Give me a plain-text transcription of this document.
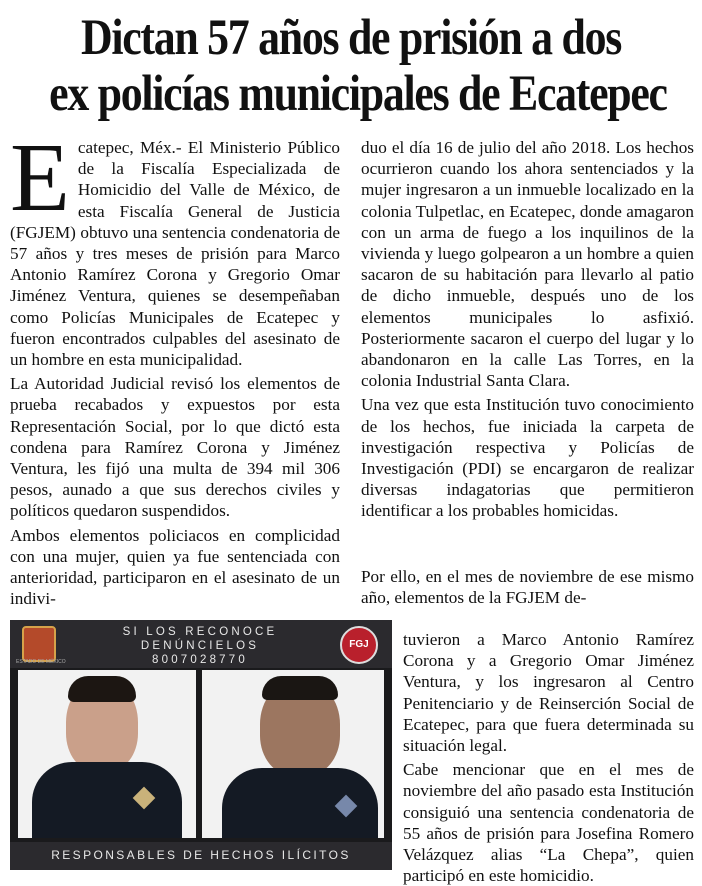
Dictan 57 años de prisión a dos
ex policías municipales de Ecatepec

Ecatepec, Méx.- El Ministerio Público de la Fiscalía Especializada de Homicidio del Valle de México, de esta Fiscalía General de Justicia (FGJEM) obtuvo una sentencia condenatoria de 57 años y tres meses de prisión para Marco Antonio Ramírez Corona y Gregorio Omar Jiménez Ventura, quienes se desempeñaban como Policías Municipales de Ecatepec y fueron encontrados culpables del asesinato de un hombre en esta municipalidad.

La Autoridad Judicial revisó los elementos de prueba recabados y expuestos por esta Representación Social, por lo que dictó esta condena para Ramírez Corona y Jiménez Ventura, les fijó una multa de 394 mil 306 pesos, aunado a que sus derechos civiles y políticos quedaron suspendidos.

Ambos elementos policiacos en complicidad con una mujer, quien ya fue sentenciada con anterioridad, participaron en el asesinato de un indivi-

duo el día 16 de julio del año 2018. Los hechos ocurrieron cuando los ahora sentenciados y la mujer ingresaron a un inmueble localizado en la colonia Tulpetlac, en Ecatepec, donde amagaron con un arma de fuego a los inquilinos de la vivienda y luego golpearon a un hombre a quien sacaron de su habitación para llevarlo al patio de dicho inmueble, después uno de los elementos municipales lo asfixió. Posteriormente sacaron el cuerpo del lugar y lo abandonaron en la calle Las Torres, en la colonia Industrial Santa Clara.

Una vez que esta Institución tuvo conocimiento de los hechos, fue iniciada la carpeta de investigación respectiva y Policías de Investigación (PDI) se encargaron de realizar diversas indagatorias que permitieron identificar a los probables homicidas.

Por ello, en el mes de noviembre de ese mismo año, elementos de la FGJEM de-

tuvieron a Marco Antonio Ramírez Corona y a Gregorio Omar Jiménez Ventura, y los ingresaron al Centro Penitenciario y de Reinserción Social de Ecatepec, para que fuera determinada su situación legal.

Cabe mencionar que en el mes de noviembre del año pasado esta Institución consiguió una sentencia condenatoria de 55 años de prisión para Josefina Romero Velázquez alias “La Chepa”, quien participó en este homicidio.

ESTADO DE MÉXICO
SI LOS RECONOCE
DENÚNCIELOS
8007028770
FGJ
RESPONSABLES DE HECHOS ILÍCITOS
